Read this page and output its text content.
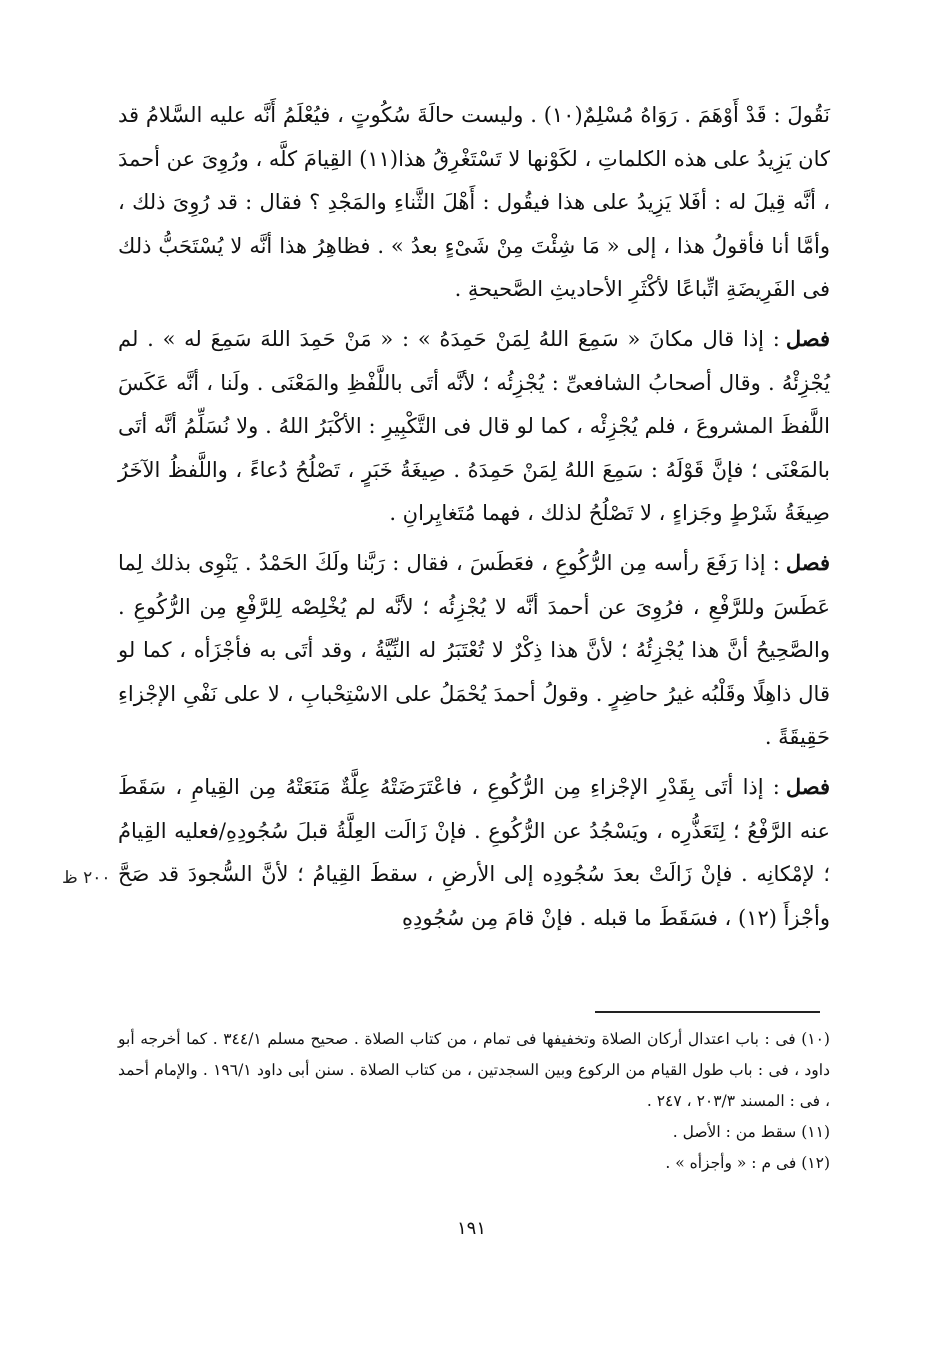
نَقُولَ : قَدْ أَوْهَمَ . رَوَاهُ مُسْلِمٌ(١٠) . وليست حالَةَ سُكُوتٍ ، فيُعْلَمُ أَنَّه عليه السَّلامُ قد كان يَزِيدُ على هذه الكلماتِ ، لكَوْنها لا تَسْتَغْرِقُ هذا(١١) القِيامَ كلَّه ، ورُوِىَ عن أحمدَ ، أنَّه قِيلَ له : أفَلا يَزِيدُ على هذا فيقُول : أَهْلَ الثَّناءِ والمَجْدِ ؟ فقال : قد رُوِىَ ذلك ، وأمَّا أنا فأقولُ هذا ، إلى « مَا شِئْتَ مِنْ شَىْءٍ بعدُ » . فظاهِرُ هذا أنَّه لا يُسْتَحَبُّ ذلك فى الفَرِيضَةِ اتِّباعًا لأكْثَرِ الأحاديثِ الصَّحيحةِ .

فصل: إذا قال مكانَ « سَمِعَ اللهُ لِمَنْ حَمِدَهُ » : « مَنْ حَمِدَ اللهَ سَمِعَ له » . لم يُجْزِئْهُ . وقال أصحابُ الشافعىِّ : يُجْزِئُه ؛ لأنَّه أتَى باللَّفْظِ والمَعْنَى . ولَنا ، أنَّه عَكَسَ اللَّفظَ المشروعَ ، فلم يُجْزِئْه ، كما لو قال فى التَّكْبِيرِ : الأكْبَرُ اللهُ . ولا نُسَلِّمُ أنَّه أتَى بالمَعْنَى ؛ فإنَّ قَوْلَهُ : سَمِعَ اللهُ لِمَنْ حَمِدَهُ . صِيغَةُ خَبَرٍ ، تَصْلُحُ دُعاءً ، واللَّفظُ الآخَرُ صِيغَةُ شَرْطٍ وجَزاءٍ ، لا تَصْلُحُ لذلك ، فهما مُتَغايِرانِ .

فصل: إذا رَفَعَ رأسه مِن الرُّكُوعِ ، فعَطَسَ ، فقال : رَبَّنا ولَكَ الحَمْدُ . يَنْوِى بذلك لِما عَطَسَ وللرَّفْعِ ، فرُوِىَ عن أحمدَ أنَّه لا يُجْزِئُه ؛ لأنَّه لم يُخْلِصْه لِلرَّفْعِ مِن الرُّكُوعِ . والصَّحِيحُ أنَّ هذا يُجْزِئُهُ ؛ لأنَّ هذا ذِكْرٌ لا تُعْتَبَرُ له النِّيَّةُ ، وقد أتَى به فأجْزَأه ، كما لو قال ذاهِلًا وقَلْبُه غيرُ حاضِرٍ . وقولُ أحمدَ يُحْمَلُ على الاسْتِحْبابِ ، لا على نَفْىِ الإجْزاءِ حَقِيقَةً .

فصل: إذا أتَى بِقَدْرِ الإجْزاءِ مِن الرُّكُوعِ ، فاعْتَرَضَتْهُ عِلَّةٌ مَنَعَتْهُ مِن القِيامِ ، سَقَطَ عنه الرَّفْعُ ؛ لِتَعَذُّرِه ، ويَسْجُدُ عن الرُّكُوعِ . فإنْ زَالَت العِلَّةُ قبلَ سُجُودِهِ/فعليه القِيامُ ؛ لإمْكانِه . فإنْ زَالَتْ بعدَ سُجُودِه إلى الأرضِ ، سقطَ القِيامُ ؛ لأنَّ السُّجودَ قد صَحَّ وأجْزأَ (١٢) ، فسَقَطَ ما قبله . فإنْ قامَ مِن سُجُودِهِ

٢٠٠ ظ

(١٠) فى : باب اعتدال أركان الصلاة وتخفيفها فى تمام ، من كتاب الصلاة . صحيح مسلم ٣٤٤/١ . كما أخرجه أبو داود ، فى : باب طول القيام من الركوع وبين السجدتين ، من كتاب الصلاة . سنن أبى داود ١٩٦/١ . والإمام أحمد ، فى : المسند ٢٠٣/٣ ، ٢٤٧ .

(١١) سقط من : الأصل .

(١٢) فى م : « وأجزأه » .

١٩١
